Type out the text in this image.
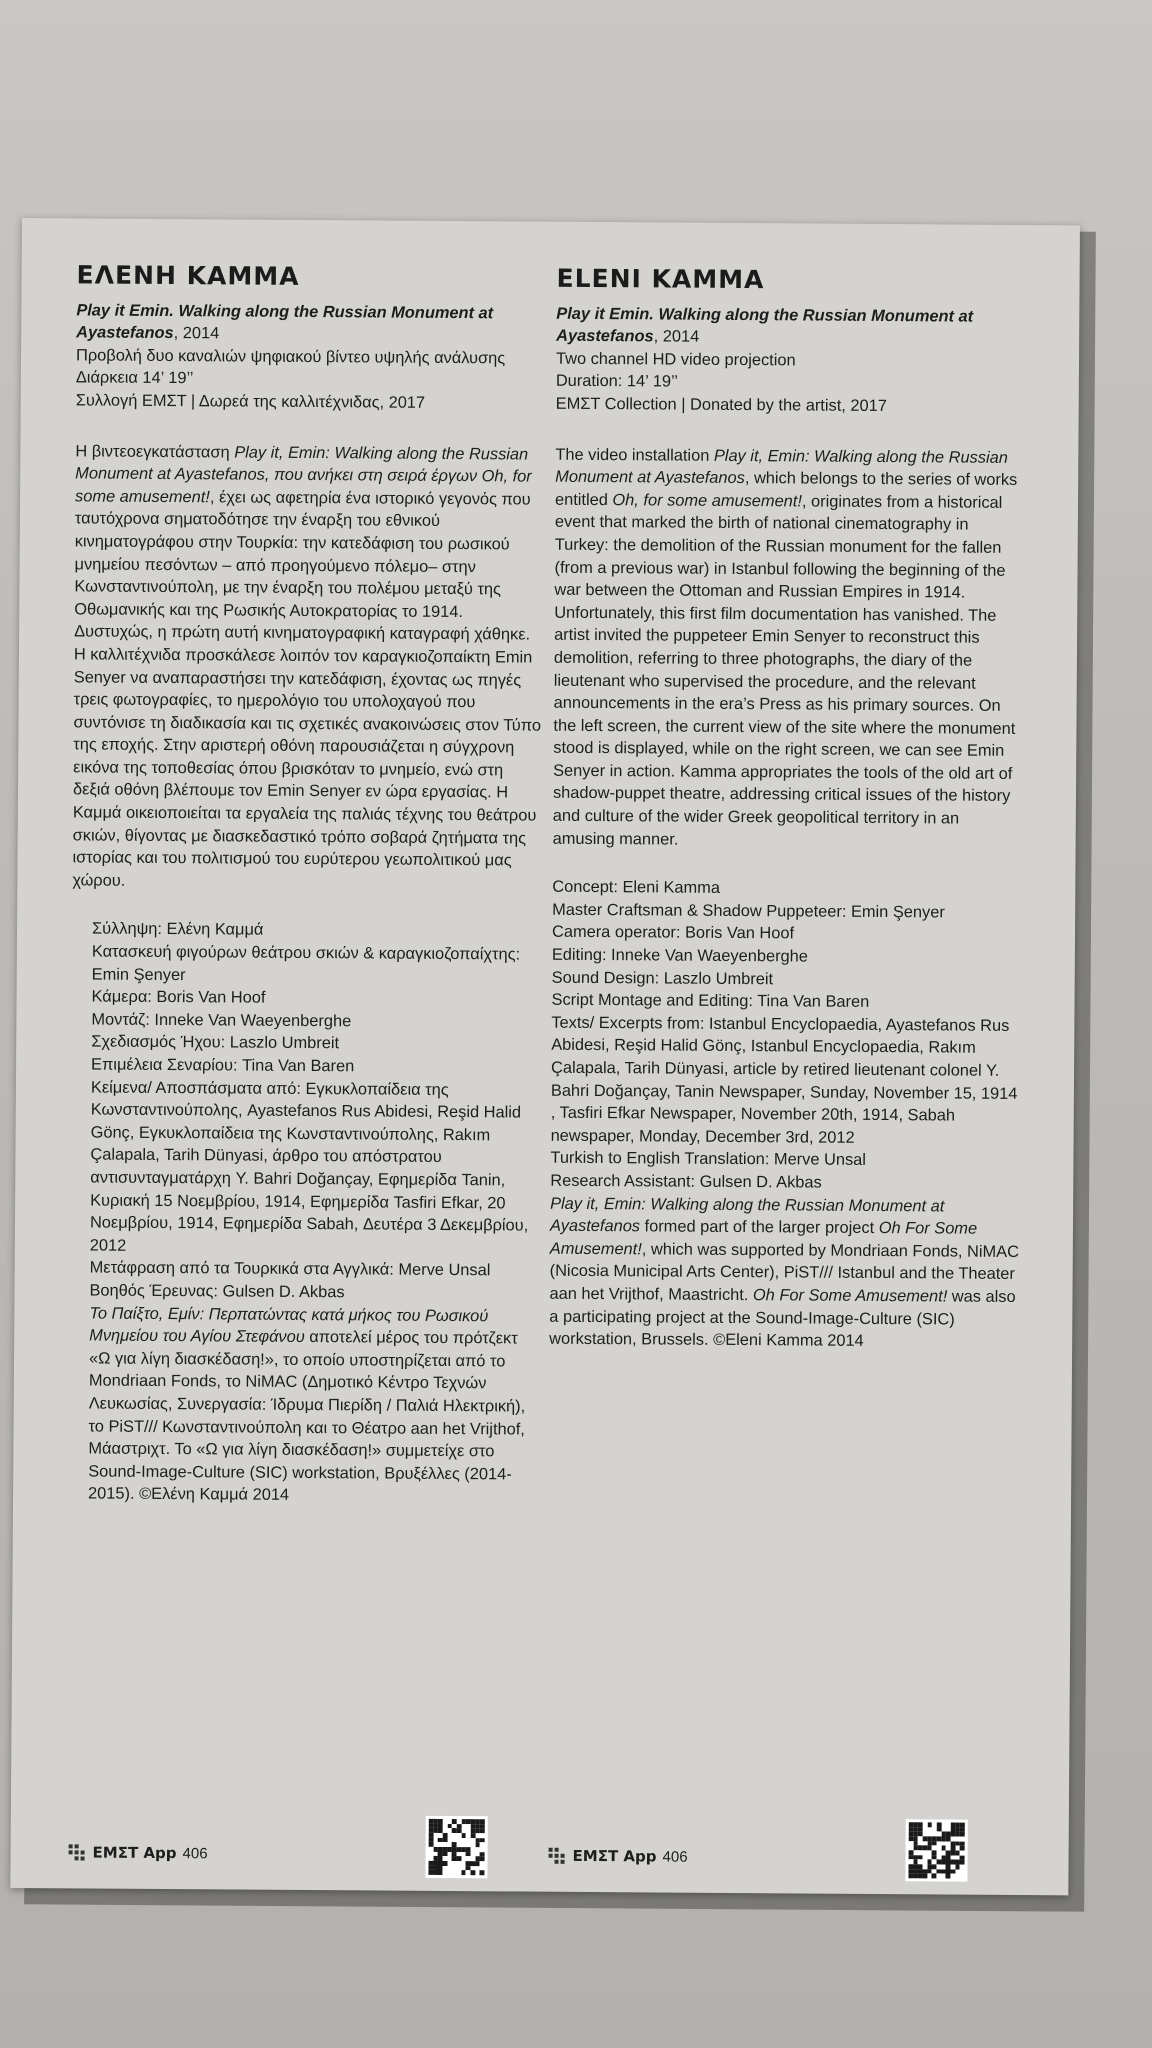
ΕΛΕΝΗ ΚΑΜΜΑ
Play it Emin. Walking along the Russian Monument at Ayastefanos, 2014
Προβολή δυο καναλιών ψηφιακού βίντεο υψηλής ανάλυσης
Διάρκεια 14’ 19’’
Συλλογή ΕΜΣΤ | Δωρεά της καλλιτέχνιδας, 2017
Η βιντεοεγκατάσταση Play it, Emin: Walking along the Russian Monument at Ayastefanos, που ανήκει στη σειρά έργων Oh, for some amusement!, έχει ως αφετηρία ένα ιστορικό γεγονός που ταυτόχρονα σηματοδότησε την έναρξη του εθνικού κινηματογράφου στην Τουρκία: την κατεδάφιση του ρωσικού μνημείου πεσόντων – από προηγούμενο πόλεμο– στην Κωνσταντινούπολη, με την έναρξη του πολέμου μεταξύ της Οθωμανικής και της Ρωσικής Αυτοκρατορίας το 1914. Δυστυχώς, η πρώτη αυτή κινηματογραφική καταγραφή χάθηκε. Η καλλιτέχνιδα προσκάλεσε λοιπόν τον καραγκιοζοπαίκτη Emin Senyer να αναπαραστήσει την κατεδάφιση, έχοντας ως πηγές τρεις φωτογραφίες, το ημερολόγιο του υπολοχαγού που συντόνισε τη διαδικασία και τις σχετικές ανακοινώσεις στον Τύπο της εποχής. Στην αριστερή οθόνη παρουσιάζεται η σύγχρονη εικόνα της τοποθεσίας όπου βρισκόταν το μνημείο, ενώ στη δεξιά οθόνη βλέπουμε τον Emin Senyer εν ώρα εργασίας. Η Καμμά οικειοποιείται τα εργαλεία της παλιάς τέχνης του θεάτρου σκιών, θίγοντας με διασκεδαστικό τρόπο σοβαρά ζητήματα της ιστορίας και του πολιτισμού του ευρύτερου γεωπολιτικού μας χώρου.
Σύλληψη: Ελένη Καμμά
Κατασκευή φιγούρων θεάτρου σκιών & καραγκιοζοπαίχτης: Emin Şenyer
Κάμερα: Boris Van Hoof
Μοντάζ: Inneke Van Waeyenberghe
Σχεδιασμός Ήχου: Laszlo Umbreit
Επιμέλεια Σεναρίου: Tina Van Baren
Κείμενα/ Αποσπάσματα από: Εγκυκλοπαίδεια της Κωνσταντινούπολης, Ayastefanos Rus Abidesi, Reşid Halid Gönç, Εγκυκλοπαίδεια της Κωνσταντινούπολης, Rakım Çalapala, Tarih Dünyasi, άρθρο του απόστρατου αντισυνταγματάρχη Y. Bahri Doğançay, Εφημερίδα Tanin, Κυριακή 15 Νοεμβρίου, 1914, Εφημερίδα Tasfiri Efkar, 20 Νοεμβρίου, 1914, Εφημερίδα Sabah, Δευτέρα 3 Δεκεμβρίου, 2012
Μετάφραση από τα Τουρκικά στα Αγγλικά: Merve Unsal
Βοηθός Έρευνας: Gulsen D. Akbas
Το Παίξτο, Εμίν: Περπατώντας κατά μήκος του Ρωσικού Μνημείου του Αγίου Στεφάνου αποτελεί μέρος του πρότζεκτ «Ω για λίγη διασκέδαση!», το οποίο υποστηρίζεται από το Mondriaan Fonds, το NiMAC (Δημοτικό Κέντρο Τεχνών Λευκωσίας, Συνεργασία: Ίδρυμα Πιερίδη / Παλιά Ηλεκτρική), το PiST/// Κωνσταντινούπολη και το Θέατρο aan het Vrijthof, Μάαστριχτ. Το «Ω για λίγη διασκέδαση!» συμμετείχε στο Sound-Image-Culture (SIC) workstation, Βρυξέλλες (2014-2015). ©Ελένη Καμμά 2014
ELENI KAMMA
Play it Emin. Walking along the Russian Monument at Ayastefanos, 2014
Two channel HD video projection
Duration: 14’ 19’’
ΕΜΣΤ Collection | Donated by the artist, 2017
The video installation Play it, Emin: Walking along the Russian Monument at Ayastefanos, which belongs to the series of works entitled Oh, for some amusement!, originates from a historical event that marked the birth of national cinematography in Turkey: the demolition of the Russian monument for the fallen (from a previous war) in Istanbul following the beginning of the war between the Ottoman and Russian Empires in 1914. Unfortunately, this first film documentation has vanished. The artist invited the puppeteer Emin Senyer to reconstruct this demolition, referring to three photographs, the diary of the lieutenant who supervised the procedure, and the relevant announcements in the era’s Press as his primary sources. On the left screen, the current view of the site where the monument stood is displayed, while on the right screen, we can see Emin Senyer in action. Kamma appropriates the tools of the old art of shadow-puppet theatre, addressing critical issues of the history and culture of the wider Greek geopolitical territory in an amusing manner.
Concept: Eleni Kamma
Master Craftsman & Shadow Puppeteer: Emin Şenyer
Camera operator: Boris Van Hoof
Editing: Inneke Van Waeyenberghe
Sound Design: Laszlo Umbreit
Script Montage and Editing: Tina Van Baren
Texts/ Excerpts from: Istanbul Encyclopaedia, Ayastefanos Rus Abidesi, Reşid Halid Gönç, Istanbul Encyclopaedia, Rakım Çalapala, Tarih Dünyasi, article by retired lieutenant colonel Y. Bahri Doğançay, Tanin Newspaper, Sunday, November 15, 1914 , Tasfiri Efkar Newspaper, November 20th, 1914, Sabah newspaper, Monday, December 3rd, 2012
Turkish to English Translation: Merve Unsal
Research Assistant: Gulsen D. Akbas
Play it, Emin: Walking along the Russian Monument at Ayastefanos formed part of the larger project Oh For Some Amusement!, which was supported by Mondriaan Fonds, NiMAC (Nicosia Municipal Arts Center), PiST/// Istanbul and the Theater aan het Vrijthof, Maastricht. Oh For Some Amusement! was also a participating project at the Sound-Image-Culture (SIC) workstation, Brussels. ©Eleni Kamma 2014
ΕΜΣΤ App 406	ΕΜΣΤ App 406
